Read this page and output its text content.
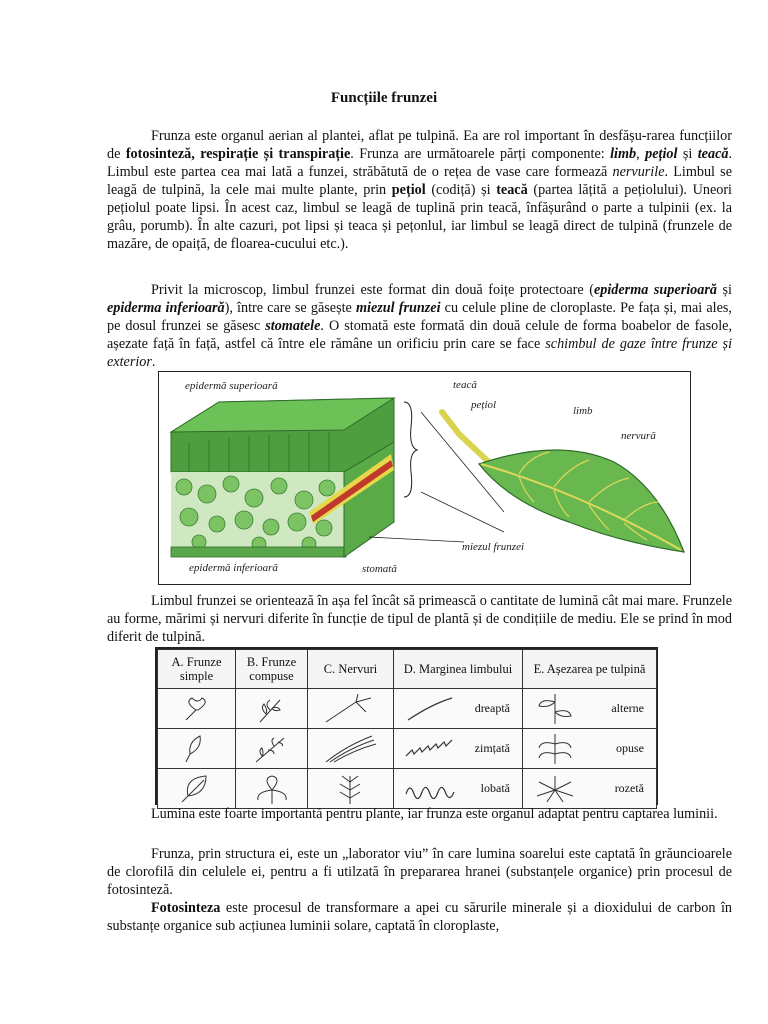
Funcțiile frunzei

Frunza este organul aerian al plantei, aflat pe tulpină. Ea are rol important în desfășu-rarea funcțiilor de fotosinteză, respirație și transpirație. Frunza are următoarele părți componente: limb, pețiol și teacă. Limbul este partea cea mai lată a funzei, străbătută de o rețea de vase care formează nervurile. Limbul se leagă de tulpină, la cele mai multe plante, prin pețiol (codiță) și teacă (partea lățită a pețiolului). Uneori pețiolul poate lipsi. În acest caz, limbul se leagă de tuplină prin teacă, înfășurând o parte a tulpinii (ex. la grâu, porumb). În alte cazuri, pot lipsi și teaca și pețonlul, iar limbul se leagă direct de tulpină (frunzele de mazăre, de opaiță, de floarea-cucului etc.).

Privit la microscop, limbul frunzei este format din două foițe protectoare (epiderma superioară și epiderma inferioară), între care se găsește miezul frunzei cu celule pline de cloroplaste. Pe fața și, mai ales, pe dosul frunzei se găsesc stomatele. O stomată este formată din două celule de forma boabelor de fasole, așezate față în față, astfel că între ele rămâne un orificiu prin care se face schimbul de gaze între frunze și exterior.

epidermă superioară
epidermă inferioară	stomată
teacă
pețiol	limb
nervură
miezul frunzei

Limbul frunzei se orientează în așa fel încât să primească o cantitate de lumină cât mai mare. Frunzele au forme, mărimi și nervuri diferite în funcție de tipul de plantă și de condițiile de mediu. Ele se prind în mod diferit de tulpină.

A. Frunze simple	B. Frunze compuse	C. Nervuri	D. Marginea limbului	E. Așezarea pe tulpină

dreaptă	alterne

zimțată	opuse

lobată	rozetă

Lumina este foarte importantă pentru plante, iar frunza este organul adaptat pentru captarea luminii.

Frunza, prin structura ei, este un „laborator viu” în care lumina soarelui este captată în grăuncioarele de clorofilă din celulele ei, pentru a fi utilzată în prepararea hranei (substanțele organice) prin procesul de fotosinteză.

Fotosinteza este procesul de transformare a apei cu sărurile minerale și a dioxidului de carbon în substanțe organice sub acțiunea luminii solare, captată în cloroplaste,
